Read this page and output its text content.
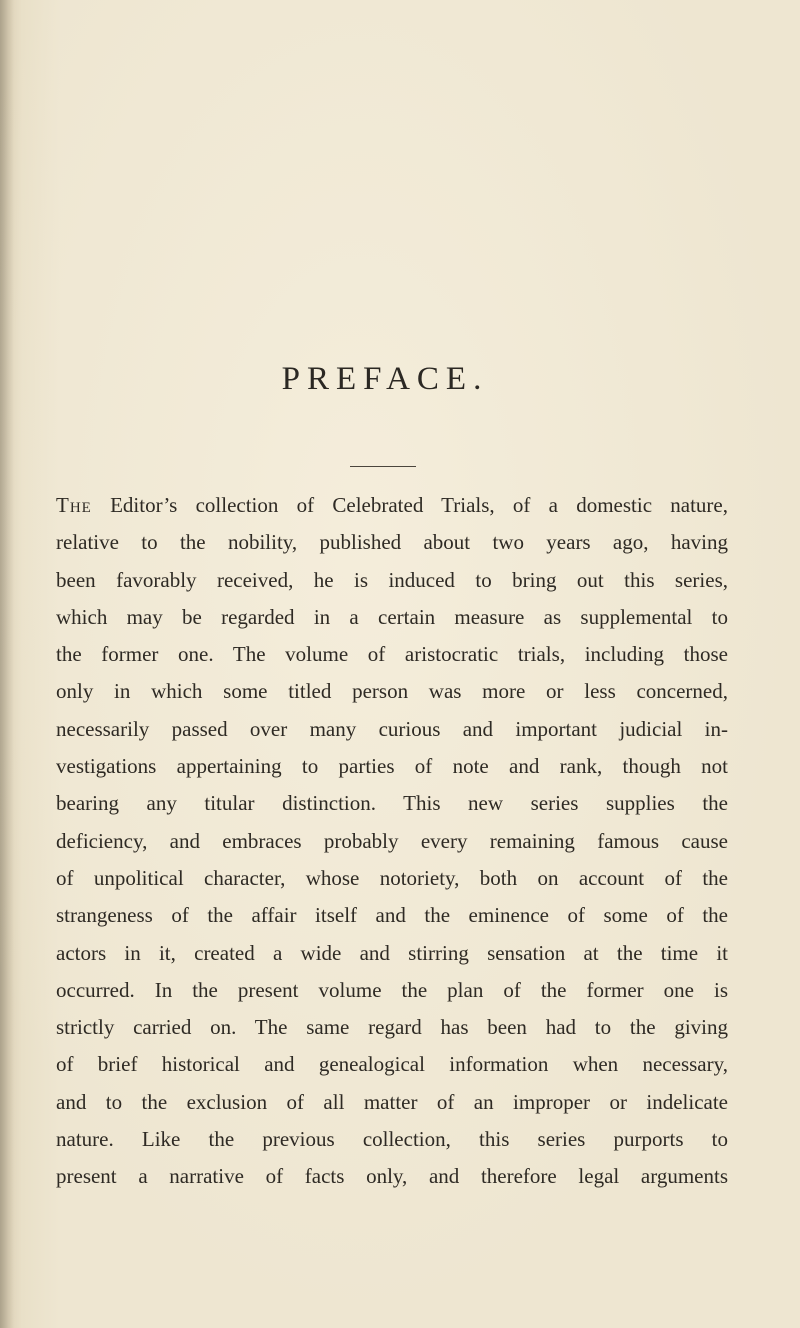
PREFACE.
The Editor’s collection of Celebrated Trials, of a domestic nature,
relative to the nobility, published about two years ago, having
been favorably received, he is induced to bring out this series,
which may be regarded in a certain measure as supplemental to
the former one. The volume of aristocratic trials, including those
only in which some titled person was more or less concerned,
necessarily passed over many curious and important judicial in-
vestigations appertaining to parties of note and rank, though not
bearing any titular distinction. This new series supplies the
deficiency, and embraces probably every remaining famous cause
of unpolitical character, whose notoriety, both on account of the
strangeness of the affair itself and the eminence of some of the
actors in it, created a wide and stirring sensation at the time it
occurred. In the present volume the plan of the former one is
strictly carried on. The same regard has been had to the giving
of brief historical and genealogical information when necessary,
and to the exclusion of all matter of an improper or indelicate
nature. Like the previous collection, this series purports to
present a narrative of facts only, and therefore legal arguments
